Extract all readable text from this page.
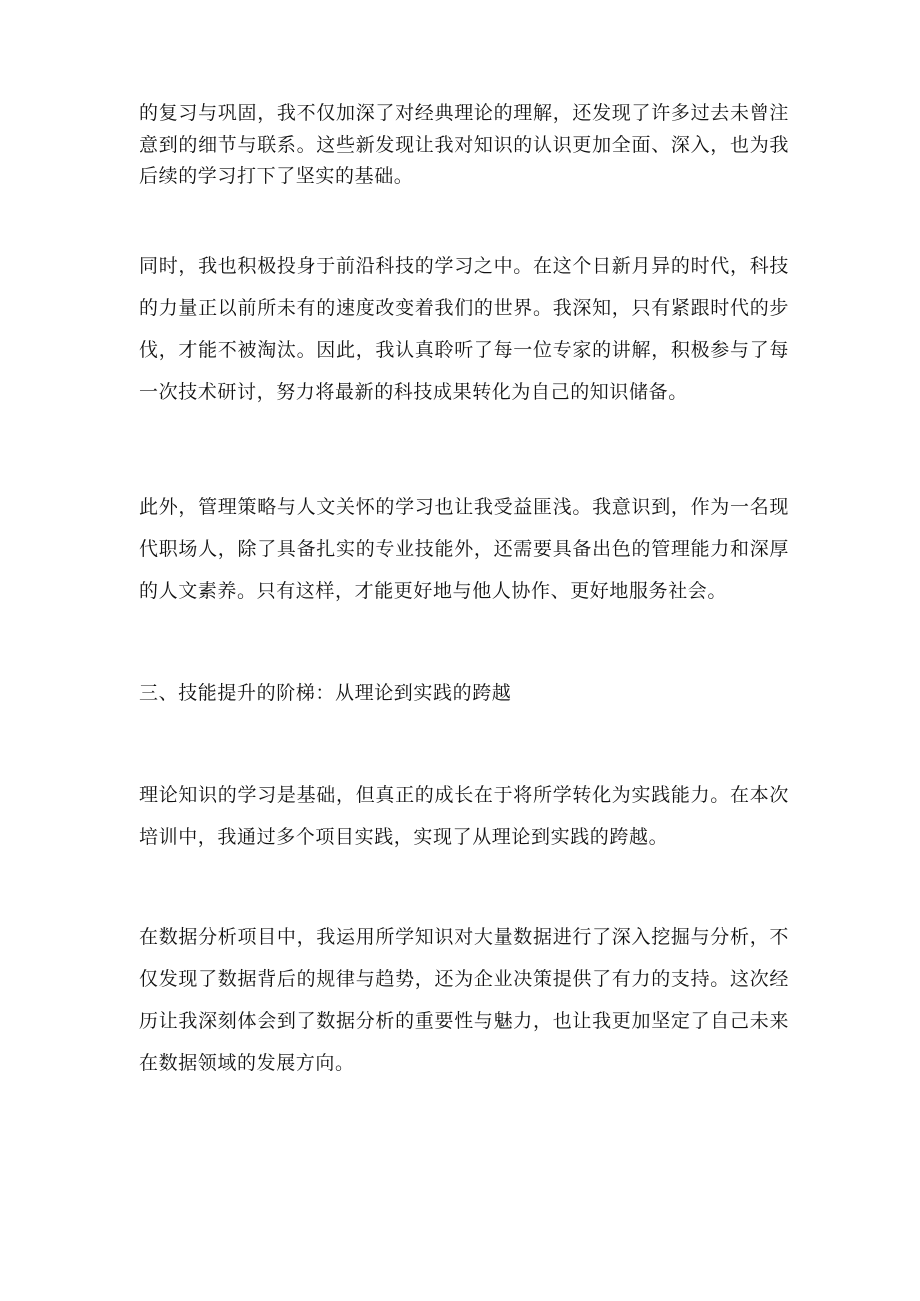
的复习与巩固，我不仅加深了对经典理论的理解，还发现了许多过去未曾注意到的细节与联系。这些新发现让我对知识的认识更加全面、深入，也为我后续的学习打下了坚实的基础。

同时，我也积极投身于前沿科技的学习之中。在这个日新月异的时代，科技的力量正以前所未有的速度改变着我们的世界。我深知，只有紧跟时代的步伐，才能不被淘汰。因此，我认真聆听了每一位专家的讲解，积极参与了每一次技术研讨，努力将最新的科技成果转化为自己的知识储备。

此外，管理策略与人文关怀的学习也让我受益匪浅。我意识到，作为一名现代职场人，除了具备扎实的专业技能外，还需要具备出色的管理能力和深厚的人文素养。只有这样，才能更好地与他人协作、更好地服务社会。

三、技能提升的阶梯：从理论到实践的跨越

理论知识的学习是基础，但真正的成长在于将所学转化为实践能力。在本次培训中，我通过多个项目实践，实现了从理论到实践的跨越。

在数据分析项目中，我运用所学知识对大量数据进行了深入挖掘与分析，不仅发现了数据背后的规律与趋势，还为企业决策提供了有力的支持。这次经历让我深刻体会到了数据分析的重要性与魅力，也让我更加坚定了自己未来在数据领域的发展方向。
